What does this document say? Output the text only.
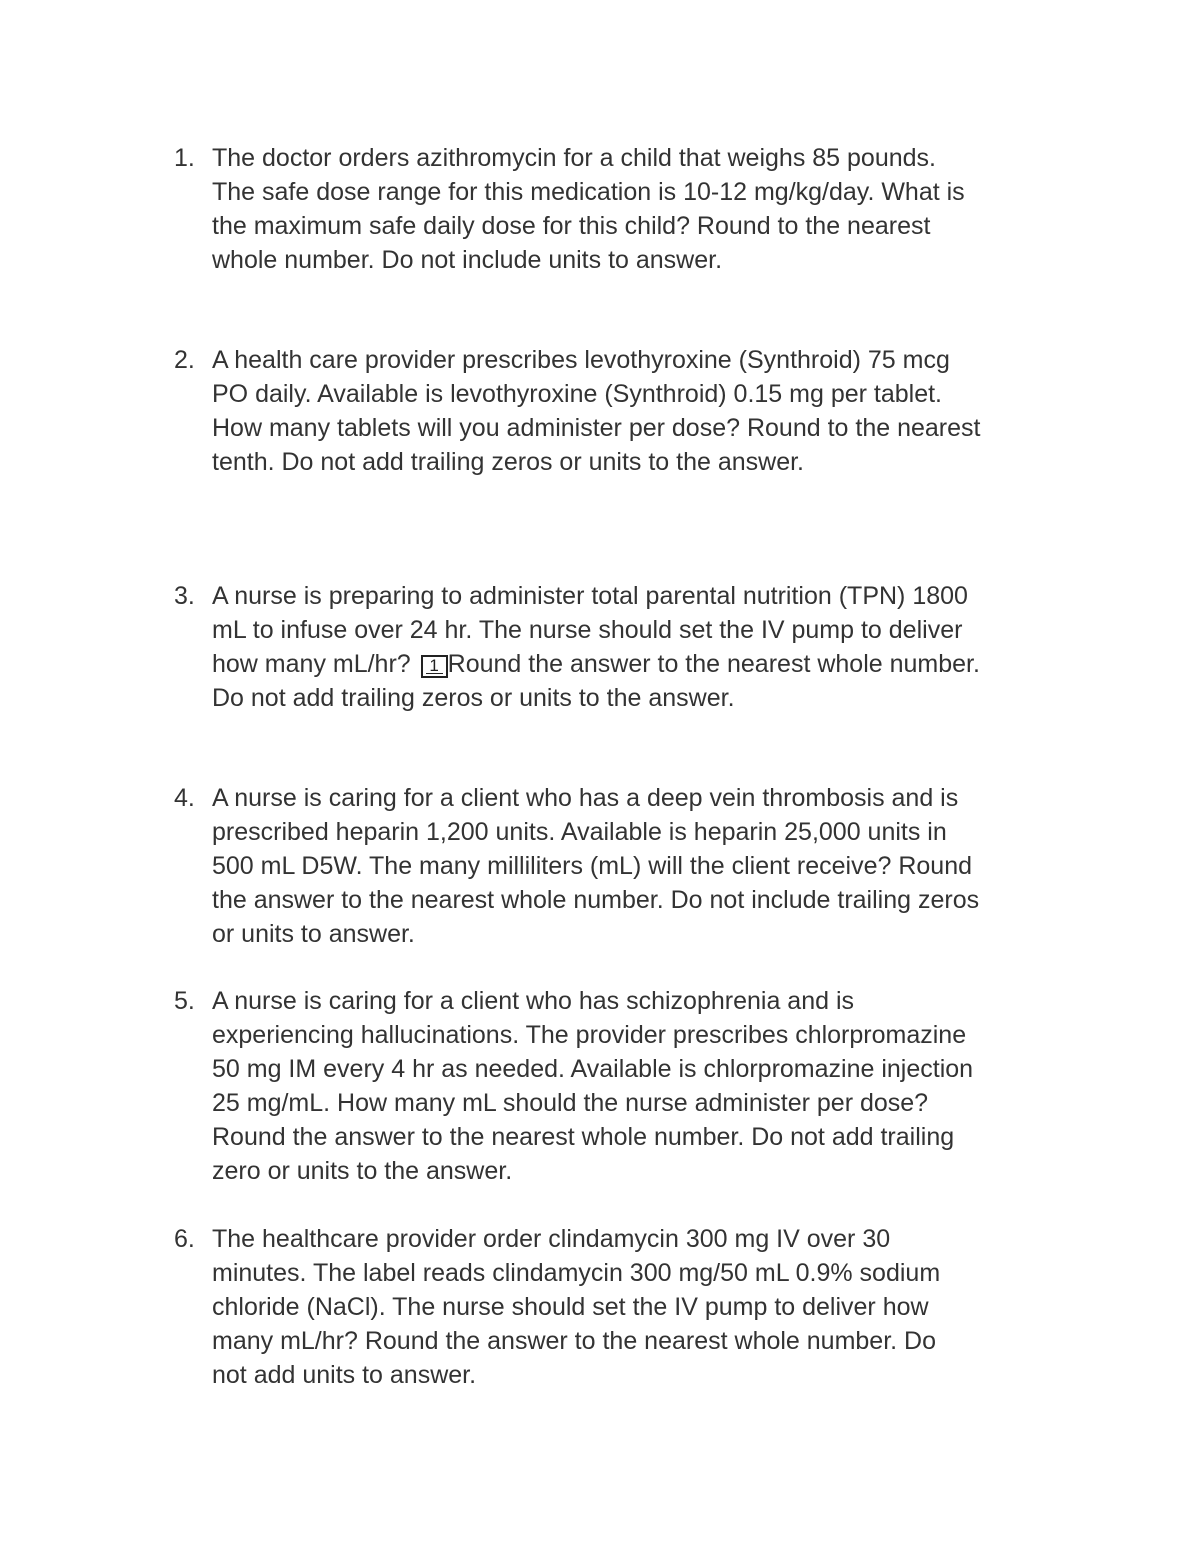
1. The doctor orders azithromycin for a child that weighs 85 pounds.
The safe dose range for this medication is 10-12 mg/kg/day. What is
the maximum safe daily dose for this child? Round to the nearest
whole number. Do not include units to answer.
2. A health care provider prescribes levothyroxine (Synthroid) 75 mcg
PO daily. Available is levothyroxine (Synthroid) 0.15 mg per tablet.
How many tablets will you administer per dose? Round to the nearest
tenth. Do not add trailing zeros or units to the answer.
3. A nurse is preparing to administer total parental nutrition (TPN) 1800
mL to infuse over 24 hr. The nurse should set the IV pump to deliver
how many mL/hr? 1 Round the answer to the nearest whole number.
Do not add trailing zeros or units to the answer.
4. A nurse is caring for a client who has a deep vein thrombosis and is
prescribed heparin 1,200 units. Available is heparin 25,000 units in
500 mL D5W. The many milliliters (mL) will the client receive? Round
the answer to the nearest whole number. Do not include trailing zeros
or units to answer.
5. A nurse is caring for a client who has schizophrenia and is
experiencing hallucinations. The provider prescribes chlorpromazine
50 mg IM every 4 hr as needed. Available is chlorpromazine injection
25 mg/mL. How many mL should the nurse administer per dose?
Round the answer to the nearest whole number. Do not add trailing
zero or units to the answer.
6. The healthcare provider order clindamycin 300 mg IV over 30
minutes. The label reads clindamycin 300 mg/50 mL 0.9% sodium
chloride (NaCl). The nurse should set the IV pump to deliver how
many mL/hr? Round the answer to the nearest whole number. Do
not add units to answer.
